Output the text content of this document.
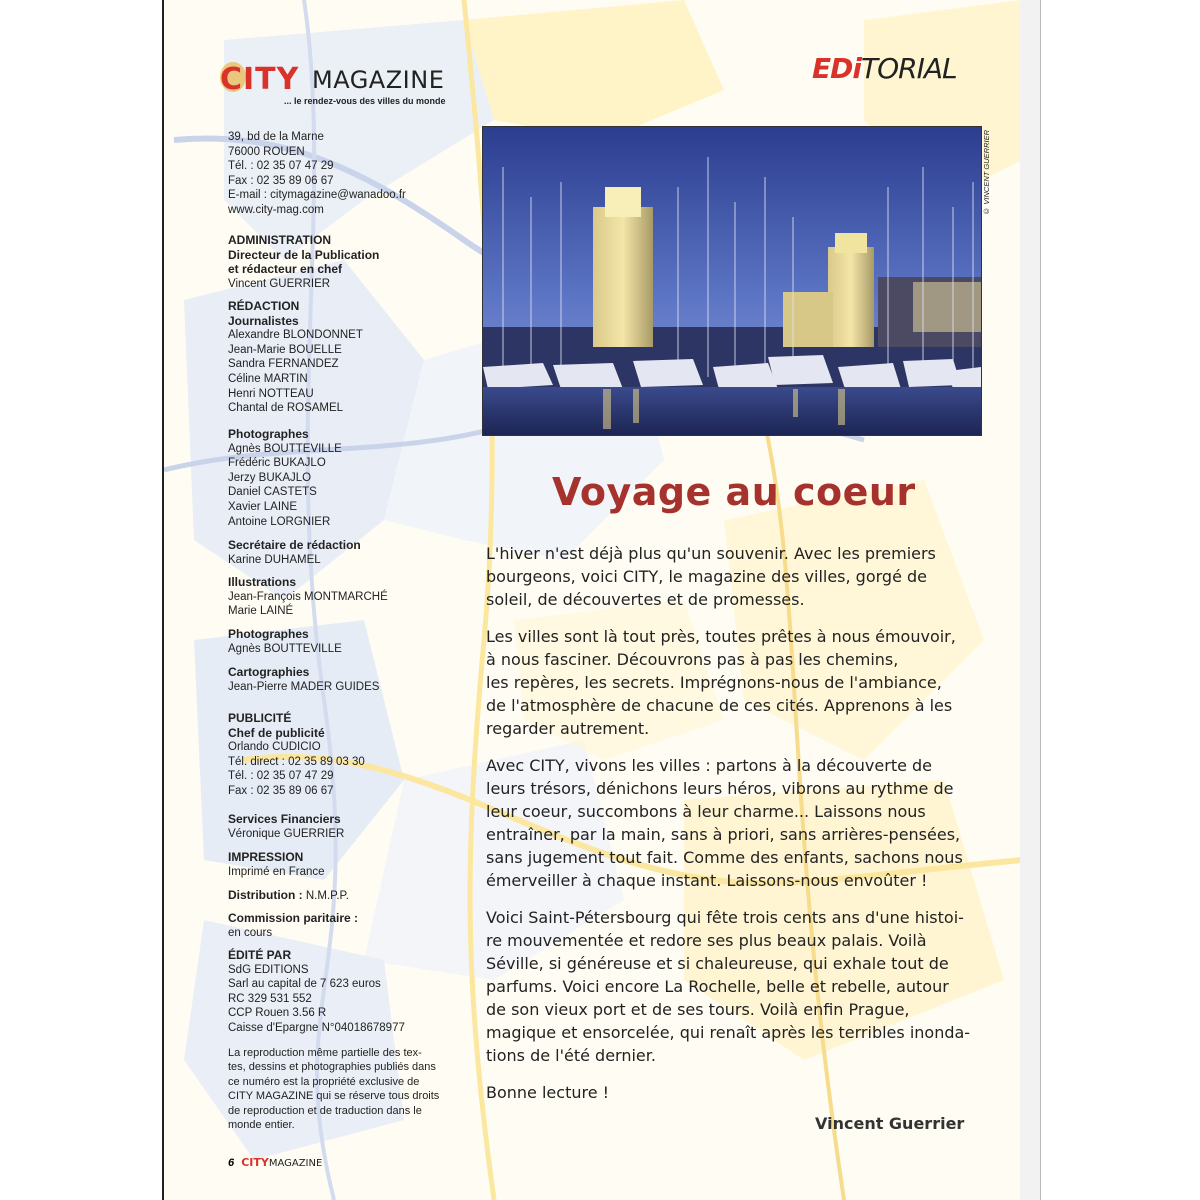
CITY MAGAZINE
... le rendez-vous des villes du monde
EDiTORIAL
39, bd de la Marne
76000 ROUEN
Tél. : 02 35 07 47 29
Fax : 02 35 89 06 67
E-mail : citymagazine@wanadoo.fr
www.city-mag.com
ADMINISTRATION
Directeur de la Publication
et rédacteur en chef
Vincent GUERRIER
RÉDACTION
Journalistes
Alexandre BLONDONNET
Jean-Marie BOUELLE
Sandra FERNANDEZ
Céline MARTIN
Henri NOTTEAU
Chantal de ROSAMEL
Photographes
Agnès BOUTTEVILLE
Frédéric BUKAJLO
Jerzy BUKAJLO
Daniel CASTETS
Xavier LAINE
Antoine LORGNIER
Secrétaire de rédaction
Karine DUHAMEL
Illustrations
Jean-François MONTMARCHÉ
Marie LAINÉ
Photographes
Agnès BOUTTEVILLE
Cartographies
Jean-Pierre MADER GUIDES
PUBLICITÉ
Chef de publicité
Orlando CUDICIO
Tél. direct : 02 35 89 03 30
Tél. : 02 35 07 47 29
Fax : 02 35 89 06 67
Services Financiers
Véronique GUERRIER
IMPRESSION
Imprimé en France
Distribution : N.M.P.P.
Commission paritaire :
en cours
ÉDITÉ PAR
SdG EDITIONS
Sarl au capital de 7 623 euros
RC 329 531 552
CCP Rouen 3.56 R
Caisse d'Epargne N°04018678977
La reproduction même partielle des tex-
tes, dessins et photographies publiés dans
ce numéro est la propriété exclusive de
CITY MAGAZINE qui se réserve tous droits
de reproduction et de traduction dans le
monde entier.
© VINCENT GUERRIER
Voyage au coeur

L'hiver n'est déjà plus qu'un souvenir. Avec les premiers
bourgeons, voici CITY, le magazine des villes, gorgé de
soleil, de découvertes et de promesses.

Les villes sont là tout près, toutes prêtes à nous émouvoir,
à nous fasciner. Découvrons pas à pas les chemins,
les repères, les secrets. Imprégnons-nous de l'ambiance,
de l'atmosphère de chacune de ces cités. Apprenons à les
regarder autrement.

Avec CITY, vivons les villes : partons à la découverte de
leurs trésors, dénichons leurs héros, vibrons au rythme de
leur coeur, succombons à leur charme... Laissons nous
entraîner, par la main, sans à priori, sans arrières-pensées,
sans jugement tout fait. Comme des enfants, sachons nous
émerveiller à chaque instant. Laissons-nous envoûter !

Voici Saint-Pétersbourg qui fête trois cents ans d'une histoi-
re mouvementée et redore ses plus beaux palais. Voilà
Séville, si généreuse et si chaleureuse, qui exhale tout de
parfums. Voici encore La Rochelle, belle et rebelle, autour
de son vieux port et de ses tours. Voilà enfin Prague,
magique et ensorcelée, qui renaît après les terribles inonda-
tions de l'été dernier.

Bonne lecture !

Vincent Guerrier
6 CITYMAGAZINE
